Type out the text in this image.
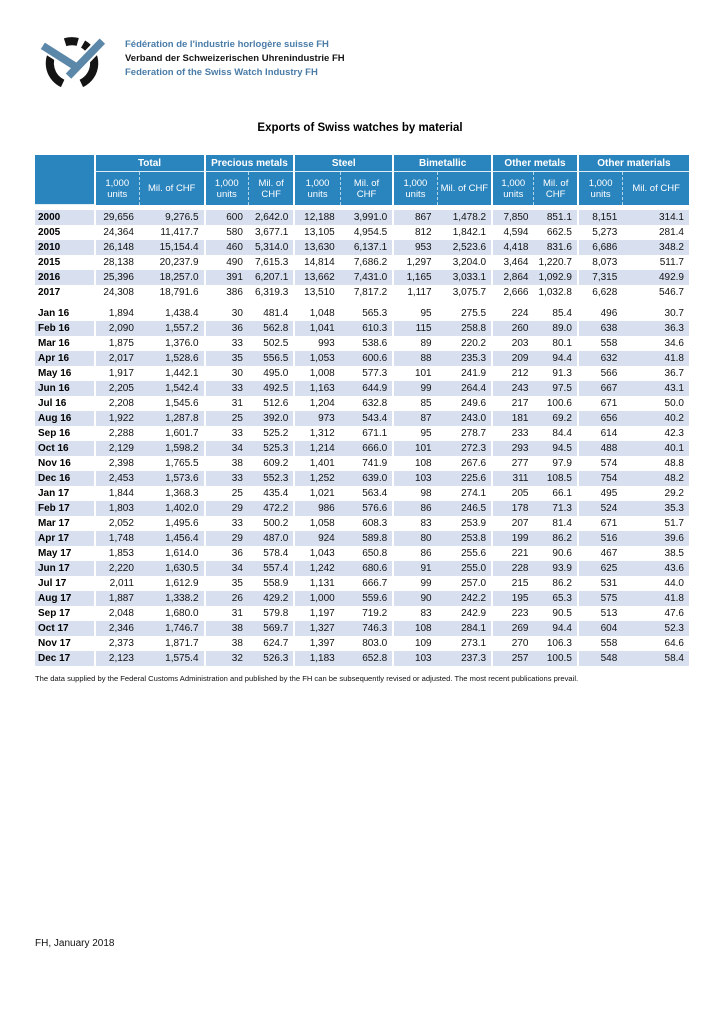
Fédération de l'industrie horlogère suisse FH
Verband der Schweizerischen Uhrenindustrie FH
Federation of the Swiss Watch Industry FH
Exports of Swiss watches by material
	Total		Precious metals		Steel		Bimetallic		Other metals		Other materials	
	1,000 units	Mil. of CHF	1,000 units	Mil. of CHF	1,000 units	Mil. of CHF	1,000 units	Mil. of CHF	1,000 units	Mil. of CHF	1,000 units	Mil. of CHF

2000	29,656	9,276.5	600	2,642.0	12,188	3,991.0	867	1,478.2	7,850	851.1	8,151	314.1
2005	24,364	11,417.7	580	3,677.1	13,105	4,954.5	812	1,842.1	4,594	662.5	5,273	281.4
2010	26,148	15,154.4	460	5,314.0	13,630	6,137.1	953	2,523.6	4,418	831.6	6,686	348.2
2015	28,138	20,237.9	490	7,615.3	14,814	7,686.2	1,297	3,204.0	3,464	1,220.7	8,073	511.7
2016	25,396	18,257.0	391	6,207.1	13,662	7,431.0	1,165	3,033.1	2,864	1,092.9	7,315	492.9
2017	24,308	18,791.6	386	6,319.3	13,510	7,817.2	1,117	3,075.7	2,666	1,032.8	6,628	546.7

Jan 16	1,894	1,438.4	30	481.4	1,048	565.3	95	275.5	224	85.4	496	30.7
Feb 16	2,090	1,557.2	36	562.8	1,041	610.3	115	258.8	260	89.0	638	36.3
Mar 16	1,875	1,376.0	33	502.5	993	538.6	89	220.2	203	80.1	558	34.6
Apr 16	2,017	1,528.6	35	556.5	1,053	600.6	88	235.3	209	94.4	632	41.8
May 16	1,917	1,442.1	30	495.0	1,008	577.3	101	241.9	212	91.3	566	36.7
Jun 16	2,205	1,542.4	33	492.5	1,163	644.9	99	264.4	243	97.5	667	43.1
Jul 16	2,208	1,545.6	31	512.6	1,204	632.8	85	249.6	217	100.6	671	50.0
Aug 16	1,922	1,287.8	25	392.0	973	543.4	87	243.0	181	69.2	656	40.2
Sep 16	2,288	1,601.7	33	525.2	1,312	671.1	95	278.7	233	84.4	614	42.3
Oct 16	2,129	1,598.2	34	525.3	1,214	666.0	101	272.3	293	94.5	488	40.1
Nov 16	2,398	1,765.5	38	609.2	1,401	741.9	108	267.6	277	97.9	574	48.8
Dec 16	2,453	1,573.6	33	552.3	1,252	639.0	103	225.6	311	108.5	754	48.2
Jan 17	1,844	1,368.3	25	435.4	1,021	563.4	98	274.1	205	66.1	495	29.2
Feb 17	1,803	1,402.0	29	472.2	986	576.6	86	246.5	178	71.3	524	35.3
Mar 17	2,052	1,495.6	33	500.2	1,058	608.3	83	253.9	207	81.4	671	51.7
Apr 17	1,748	1,456.4	29	487.0	924	589.8	80	253.8	199	86.2	516	39.6
May 17	1,853	1,614.0	36	578.4	1,043	650.8	86	255.6	221	90.6	467	38.5
Jun 17	2,220	1,630.5	34	557.4	1,242	680.6	91	255.0	228	93.9	625	43.6
Jul 17	2,011	1,612.9	35	558.9	1,131	666.7	99	257.0	215	86.2	531	44.0
Aug 17	1,887	1,338.2	26	429.2	1,000	559.6	90	242.2	195	65.3	575	41.8
Sep 17	2,048	1,680.0	31	579.8	1,197	719.2	83	242.9	223	90.5	513	47.6
Oct 17	2,346	1,746.7	38	569.7	1,327	746.3	108	284.1	269	94.4	604	52.3
Nov 17	2,373	1,871.7	38	624.7	1,397	803.0	109	273.1	270	106.3	558	64.6
Dec 17	2,123	1,575.4	32	526.3	1,183	652.8	103	237.3	257	100.5	548	58.4
The data supplied by the Federal Customs Administration and published by the FH can be subsequently revised or adjusted. The most recent publications prevail.
FH, January 2018
